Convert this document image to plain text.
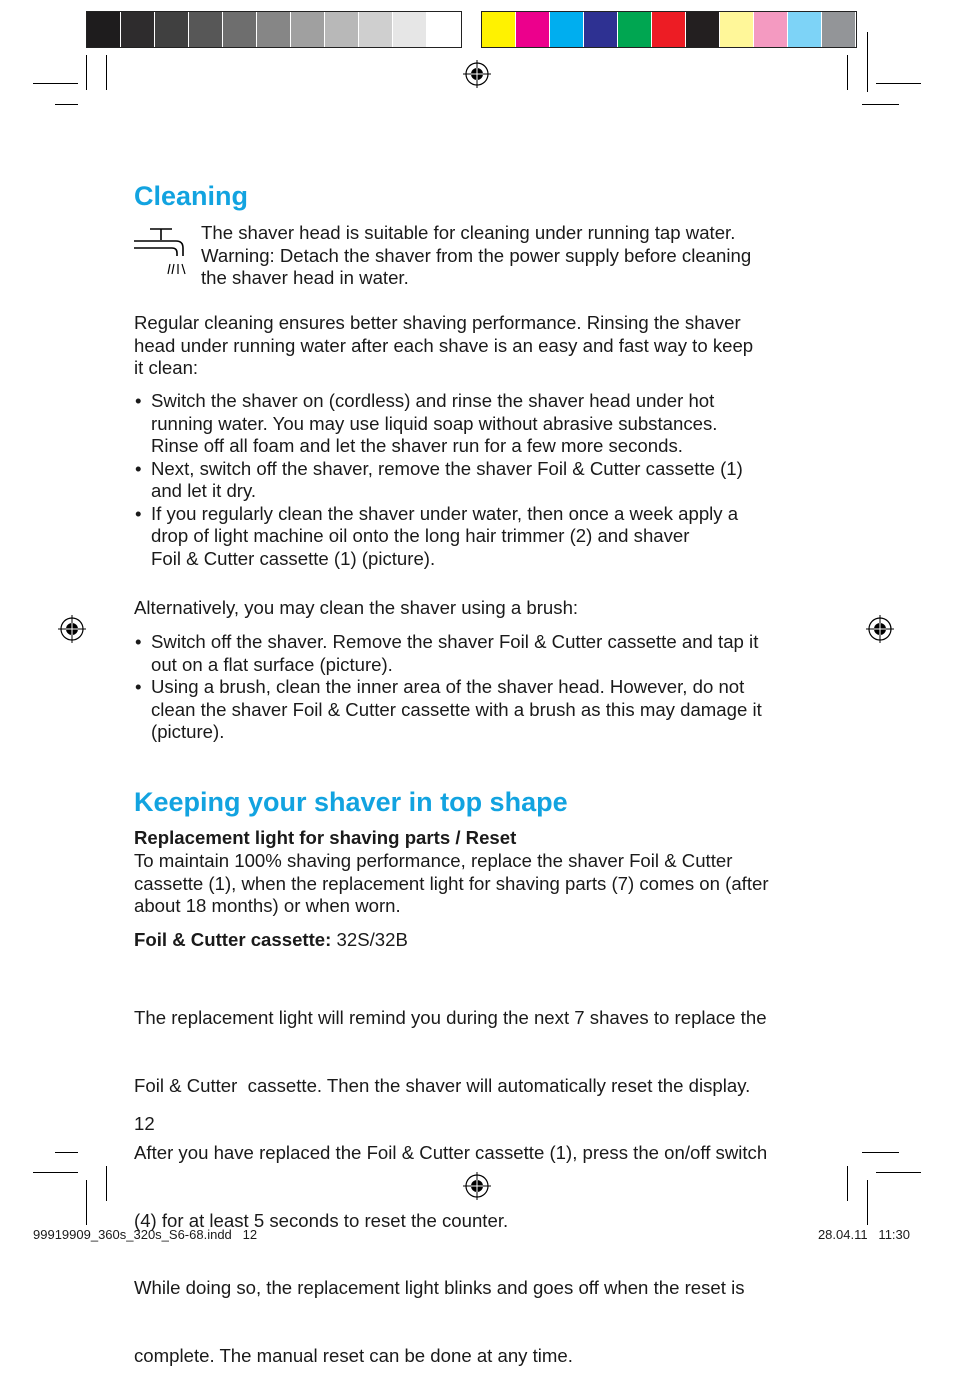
Cleaning
The shaver head is suitable for cleaning under running tap water.
Warning: Detach the shaver from the power supply before cleaning
the shaver head in water.
Regular cleaning ensures better shaving performance. Rinsing the shaver
head under running water after each shave is an easy and fast way to keep
it clean:
• Switch the shaver on (cordless) and rinse the shaver head under hot
running water. You may use liquid soap without abrasive substances.
Rinse off all foam and let the shaver run for a few more seconds.
• Next, switch off the shaver, remove the shaver Foil & Cutter cassette (1)
and let it dry.
• If you regularly clean the shaver under water, then once a week apply a
drop of light machine oil onto the long hair trimmer (2) and shaver
Foil & Cutter cassette (1) (picture).
Alternatively, you may clean the shaver using a brush:
• Switch off the shaver. Remove the shaver Foil & Cutter cassette and tap it
out on a flat surface (picture).
• Using a brush, clean the inner area of the shaver head. However, do not
clean the shaver Foil & Cutter cassette with a brush as this may damage it
(picture).
Keeping your shaver in top shape
Replacement light for shaving parts / Reset
To maintain 100% shaving performance, replace the shaver Foil & Cutter
cassette (1), when the replacement light for shaving parts (7) comes on (after
about 18 months) or when worn.
Foil & Cutter cassette: 32S/32B

The replacement light will remind you during the next 7 shaves to replace the

Foil & Cutter  cassette. Then the shaver will automatically reset the display.

After you have replaced the Foil & Cutter cassette (1), press the on/off switch

(4) for at least 5 seconds to reset the counter.

While doing so, the replacement light blinks and goes off when the reset is

complete. The manual reset can be done at any time.

12
99919909_360s_320s_S6-68.indd   12	28.04.11   11:30
